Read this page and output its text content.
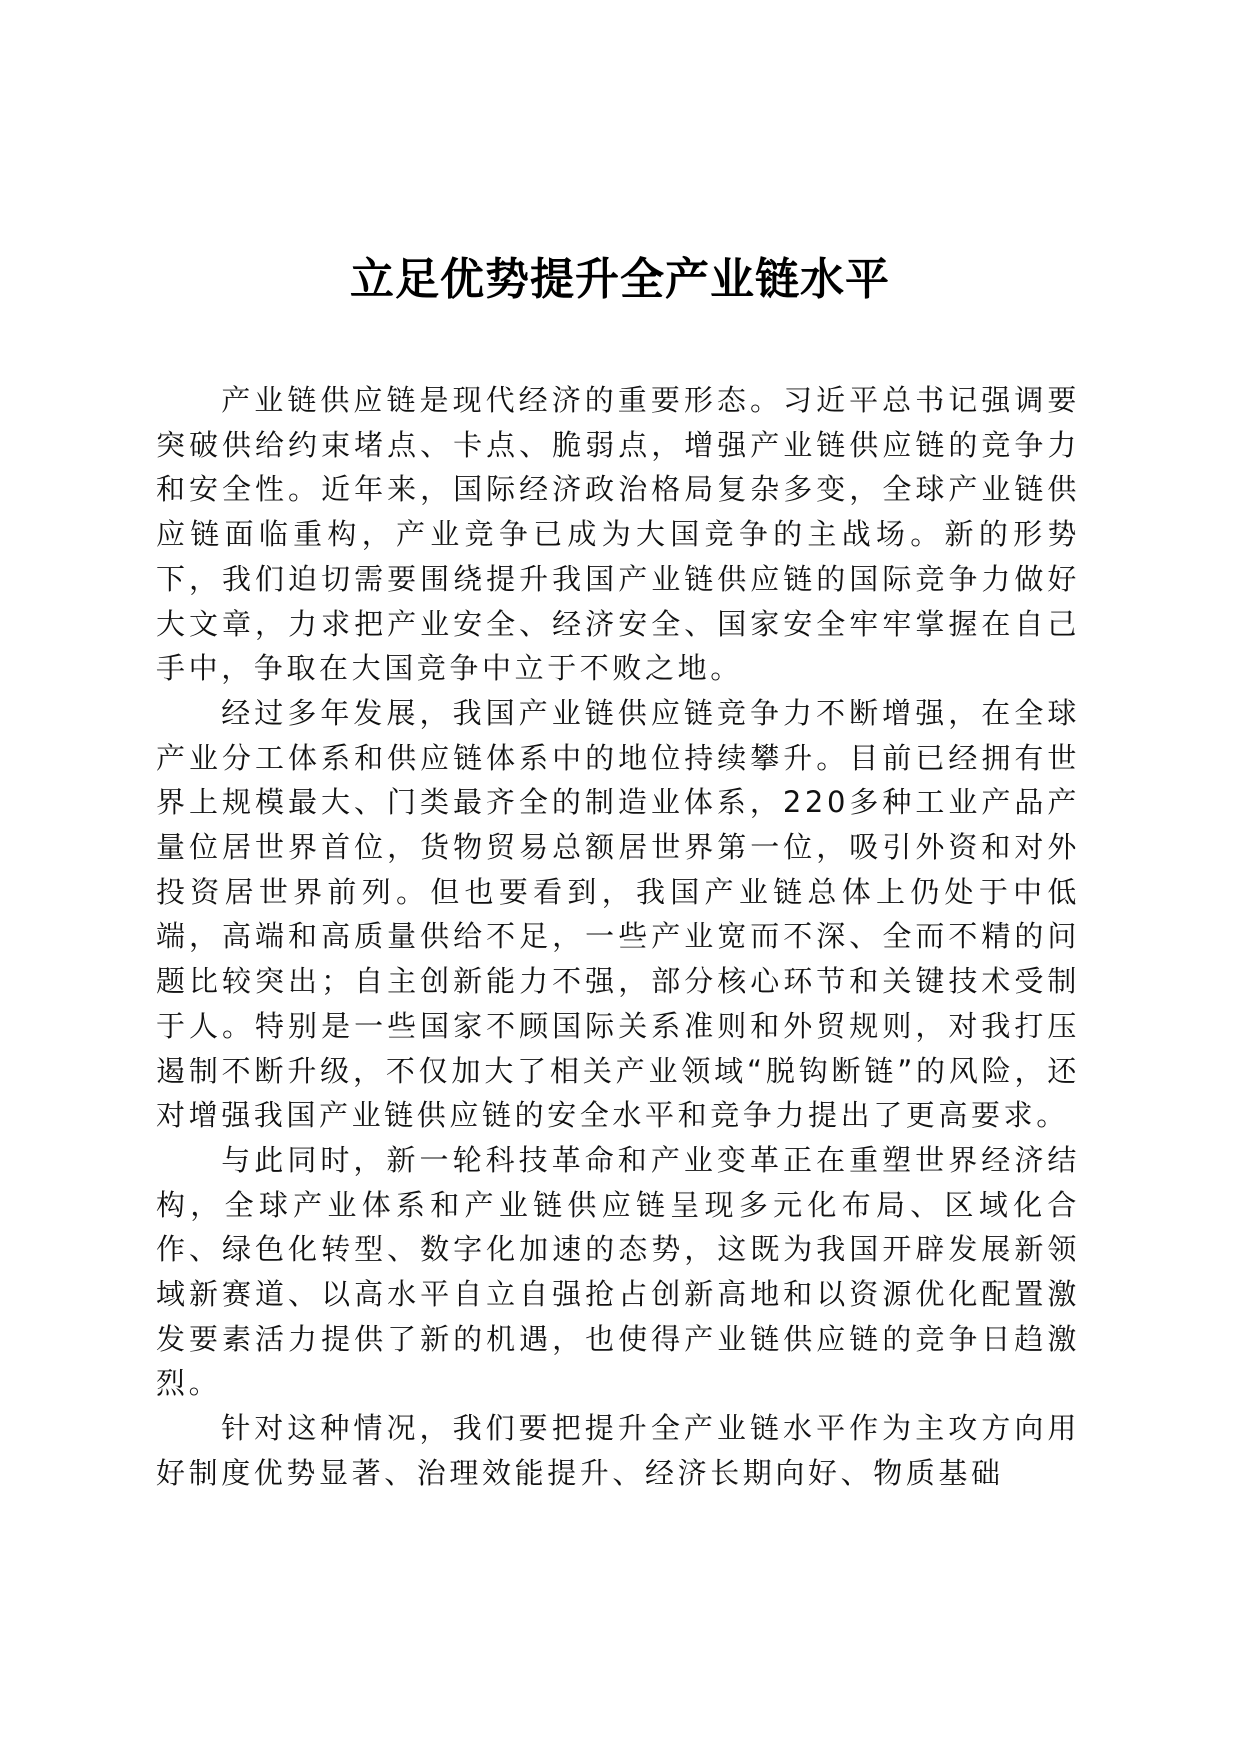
立足优势提升全产业链水平

产业链供应链是现代经济的重要形态。习近平总书记强调要突破供给约束堵点、卡点、脆弱点，增强产业链供应链的竞争力和安全性。近年来，国际经济政治格局复杂多变，全球产业链供应链面临重构，产业竞争已成为大国竞争的主战场。新的形势下，我们迫切需要围绕提升我国产业链供应链的国际竞争力做好大文章，力求把产业安全、经济安全、国家安全牢牢掌握在自己手中，争取在大国竞争中立于不败之地。

经过多年发展，我国产业链供应链竞争力不断增强，在全球产业分工体系和供应链体系中的地位持续攀升。目前已经拥有世界上规模最大、门类最齐全的制造业体系，220多种工业产品产量位居世界首位，货物贸易总额居世界第一位，吸引外资和对外投资居世界前列。但也要看到，我国产业链总体上仍处于中低端，高端和高质量供给不足，一些产业宽而不深、全而不精的问题比较突出；自主创新能力不强，部分核心环节和关键技术受制于人。特别是一些国家不顾国际关系准则和外贸规则，对我打压遏制不断升级，不仅加大了相关产业领域“脱钩断链”的风险，还对增强我国产业链供应链的安全水平和竞争力提出了更高要求。

与此同时，新一轮科技革命和产业变革正在重塑世界经济结构，全球产业体系和产业链供应链呈现多元化布局、区域化合作、绿色化转型、数字化加速的态势，这既为我国开辟发展新领域新赛道、以高水平自立自强抢占创新高地和以资源优化配置激发要素活力提供了新的机遇，也使得产业链供应链的竞争日趋激烈。

针对这种情况，我们要把提升全产业链水平作为主攻方向用好制度优势显著、治理效能提升、经济长期向好、物质基础
